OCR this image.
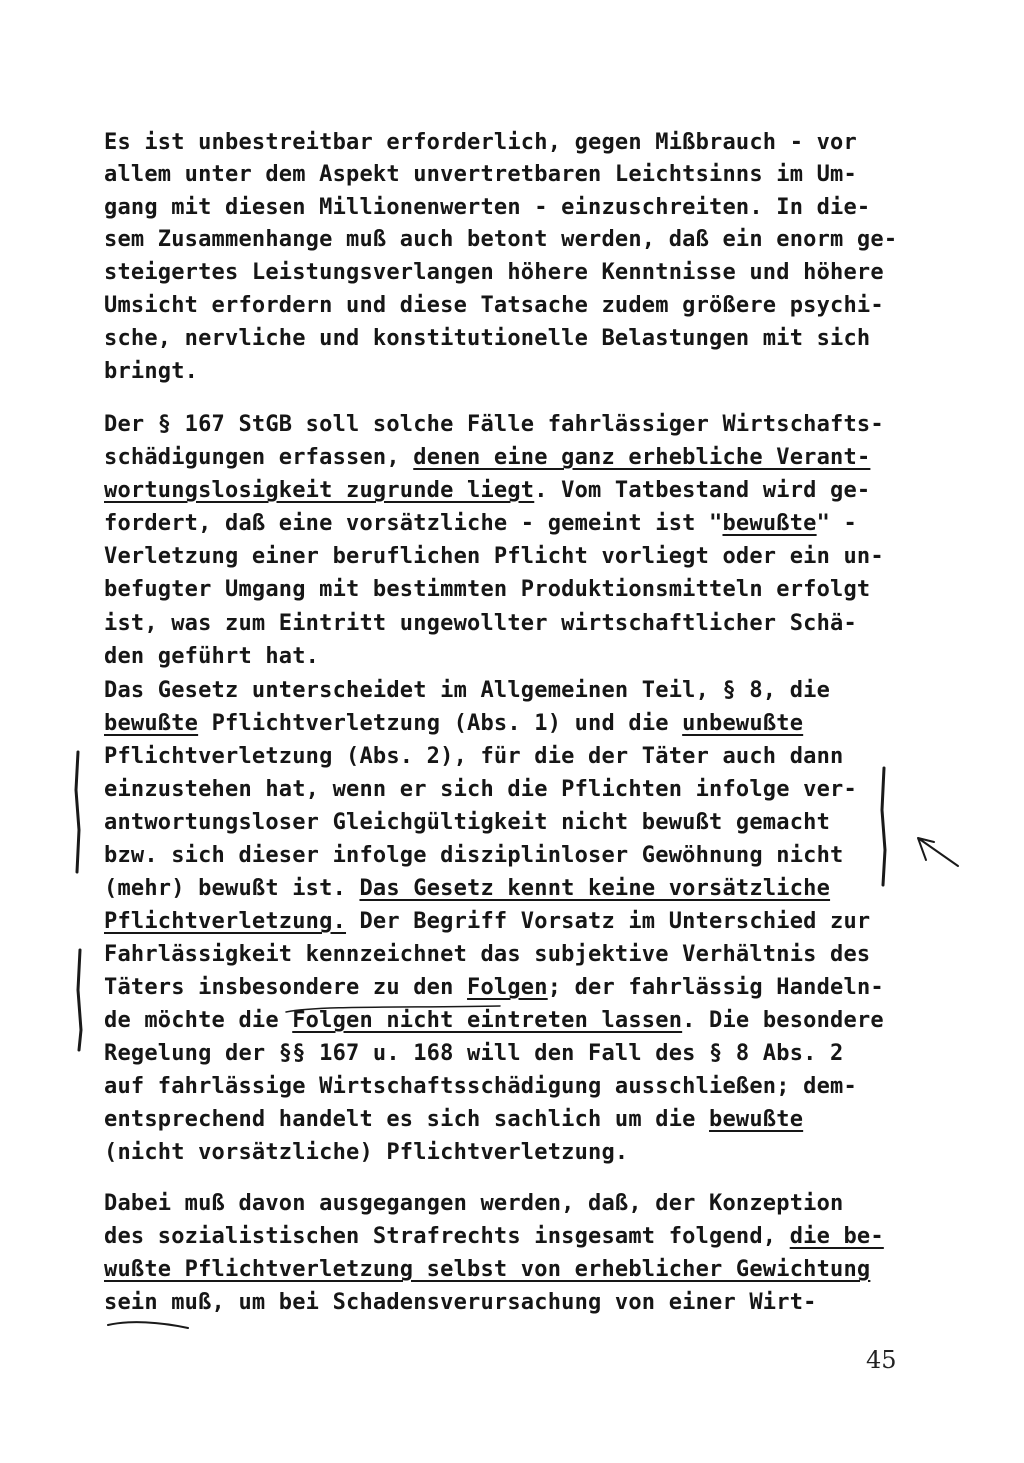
Es ist unbestreitbar erforderlich, gegen Mißbrauch - vor
allem unter dem Aspekt unvertretbaren Leichtsinns im Um-
gang mit diesen Millionenwerten - einzuschreiten. In die-
sem Zusammenhange muß auch betont werden, daß ein enorm ge-
steigertes Leistungsverlangen höhere Kenntnisse und höhere
Umsicht erfordern und diese Tatsache zudem größere psychi-
sche, nervliche und konstitutionelle Belastungen mit sich
bringt.
Der § 167 StGB soll solche Fälle fahrlässiger Wirtschafts-
schädigungen erfassen, denen eine ganz erhebliche Verant-
wortungslosigkeit zugrunde liegt. Vom Tatbestand wird ge-
fordert, daß eine vorsätzliche - gemeint ist "bewußte" -
Verletzung einer beruflichen Pflicht vorliegt oder ein un-
befugter Umgang mit bestimmten Produktionsmitteln erfolgt
ist, was zum Eintritt ungewollter wirtschaftlicher Schä-
den geführt hat.
Das Gesetz unterscheidet im Allgemeinen Teil, § 8, die
bewußte Pflichtverletzung (Abs. 1) und die unbewußte
Pflichtverletzung (Abs. 2), für die der Täter auch dann
einzustehen hat, wenn er sich die Pflichten infolge ver-
antwortungsloser Gleichgültigkeit nicht bewußt gemacht
bzw. sich dieser infolge disziplinloser Gewöhnung nicht
(mehr) bewußt ist. Das Gesetz kennt keine vorsätzliche
Pflichtverletzung. Der Begriff Vorsatz im Unterschied zur
Fahrlässigkeit kennzeichnet das subjektive Verhältnis des
Täters insbesondere zu den Folgen; der fahrlässig Handeln-
de möchte die Folgen nicht eintreten lassen. Die besondere
Regelung der §§ 167 u. 168 will den Fall des § 8 Abs. 2
auf fahrlässige Wirtschaftsschädigung ausschließen; dem-
entsprechend handelt es sich sachlich um die bewußte
(nicht vorsätzliche) Pflichtverletzung.
Dabei muß davon ausgegangen werden, daß, der Konzeption
des sozialistischen Strafrechts insgesamt folgend, die be-
wußte Pflichtverletzung selbst von erheblicher Gewichtung
sein muß, um bei Schadensverursachung von einer Wirt-
45
